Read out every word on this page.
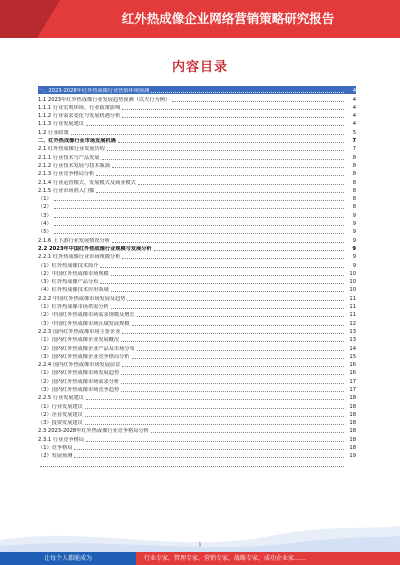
红外热成像企业网络营销策略研究报告
内容目录
一、2023-2028年红外热成像行业营销环境预测	4
1.1 2023年红外热成像行业发展趋势预测（以天行为例）	4
1.1.1 行业宏观环境、行业政策影响	4
1.1.2 行业需求变化与发展机遇分析	4
1.1.3 行业发展建议	4
1.2 行业政策	5
二、红外热成像行业市场发展机遇	7
2.1 红外热成像行业发展历程	7
2.1.1 行业技术与产品发展	8
2.1.2 行业技术发展与技术瓶颈	8
2.1.3 行业竞争格局分析	8
2.1.4 行业运营模式、发展模式及商业模式	8
2.1.5 行业市场准入门槛	8
（1）	8
（2）	8
（3）	9
（4）	9
（5）	9
2.1.6 上下游行业发展情况分析	9
2.2 2023年中国红外热成像行业规模与发展分析	9
2.2.1 红外热成像行业市场规模分析	9
（1）红外热成像技术简介	9
（2）中国红外热成像市场规模	10
（3）红外热成像产品分布	10
（4）红外热成像技术应用领域	10
2.2.2 中国红外热成像市场发展及趋势	11
（1）红外热成像市场供需分析	11
（2）中国红外热成像市场需求规模及增长	11
（3）中国红外热成像市场区域发展规模	12
2.2.3 国内红外热成像市场主要企业	13
（1）国内红外热成像企业发展概况	13
（2）国内红外热成像企业产品及市场分布	14
（3）国内红外热成像企业竞争格局分析	15
2.2.4 国内红外热成像市场发展前景	16
（1）国内红外热成像市场发展趋势	16
（2）国内红外热成像市场需求分析	17
（3）国内红外热成像市场竞争趋势	17
2.2.5 行业发展建议	18
（1）行业发展建议	18
（2）企业发展建议	18
（3）投资发展建议	18
2.3 2023-2028年红外热成像行业竞争格局分析	18
2.3.1 行业竞争格局	18
（1）竞争格局	18
（2）发展预测	19
1
让每个人都能成为	行业专家，管理专家，营销专家，战略专家，成功企业家……
